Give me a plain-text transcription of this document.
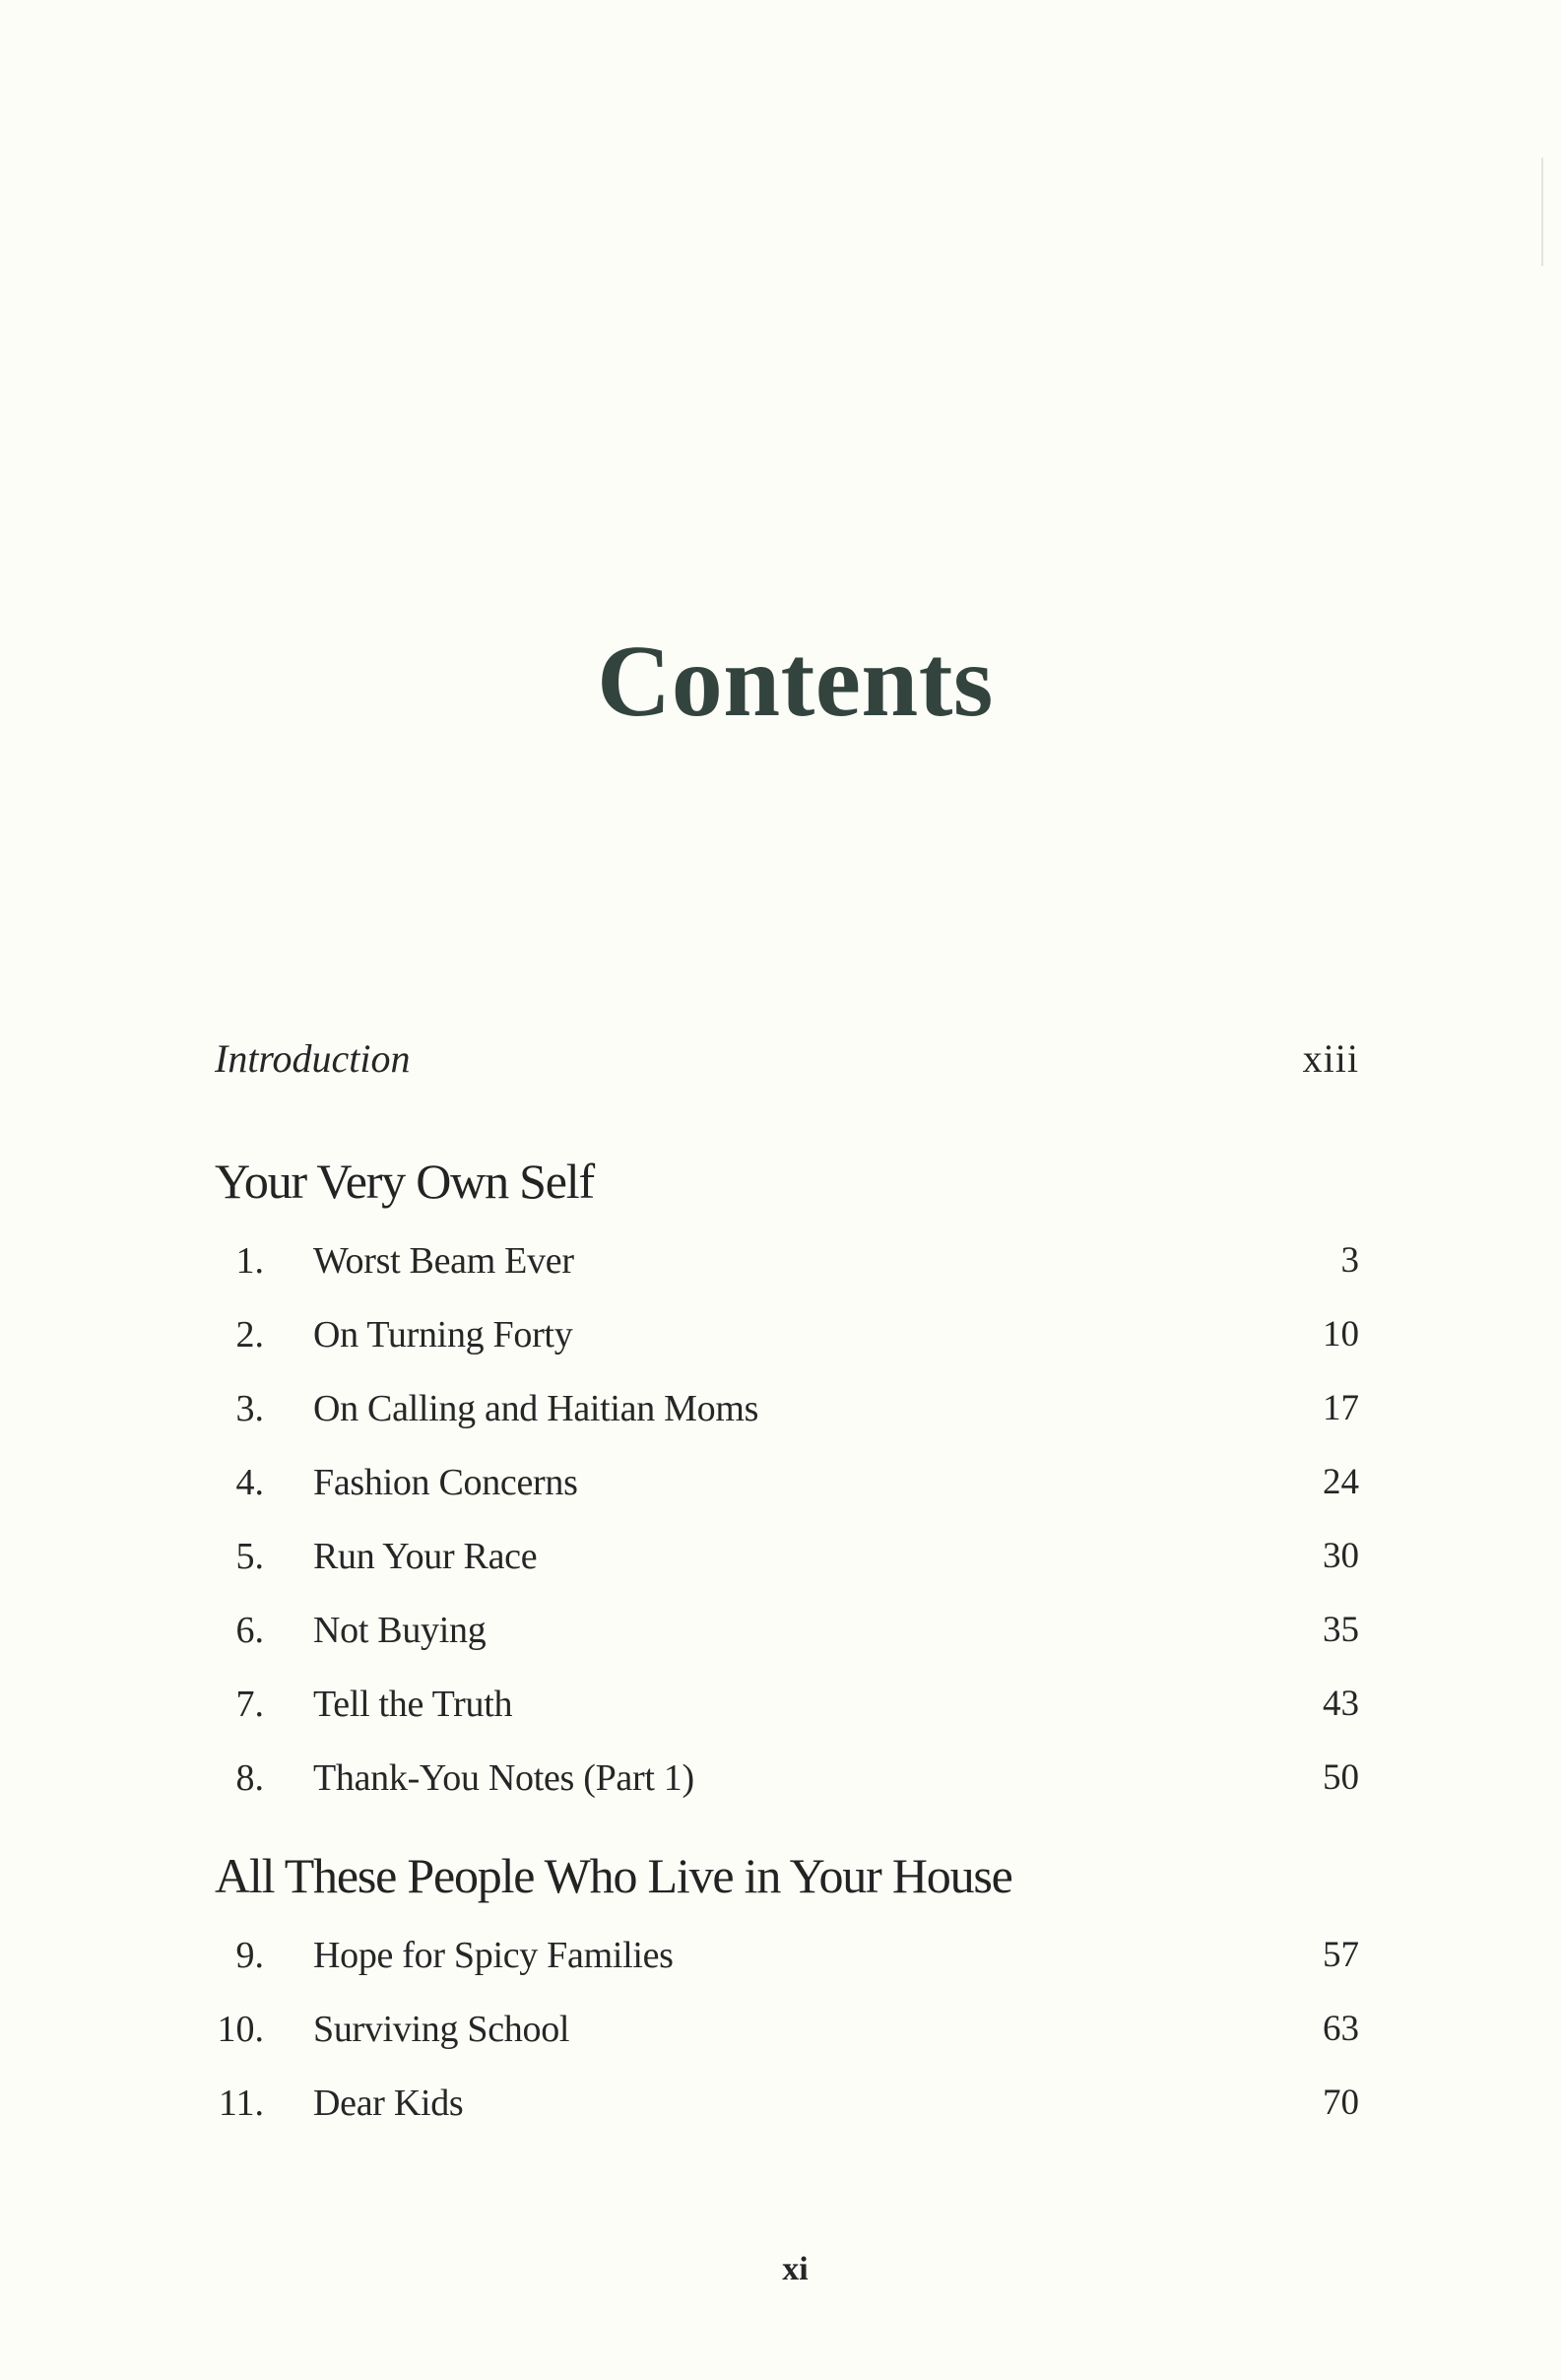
Contents
Introduction	xiii
Your Very Own Self
1. Worst Beam Ever	3
2. On Turning Forty	10
3. On Calling and Haitian Moms	17
4. Fashion Concerns	24
5. Run Your Race	30
6. Not Buying	35
7. Tell the Truth	43
8. Thank-You Notes (Part 1)	50
All These People Who Live in Your House
9. Hope for Spicy Families	57
10. Surviving School	63
11. Dear Kids	70
xi
